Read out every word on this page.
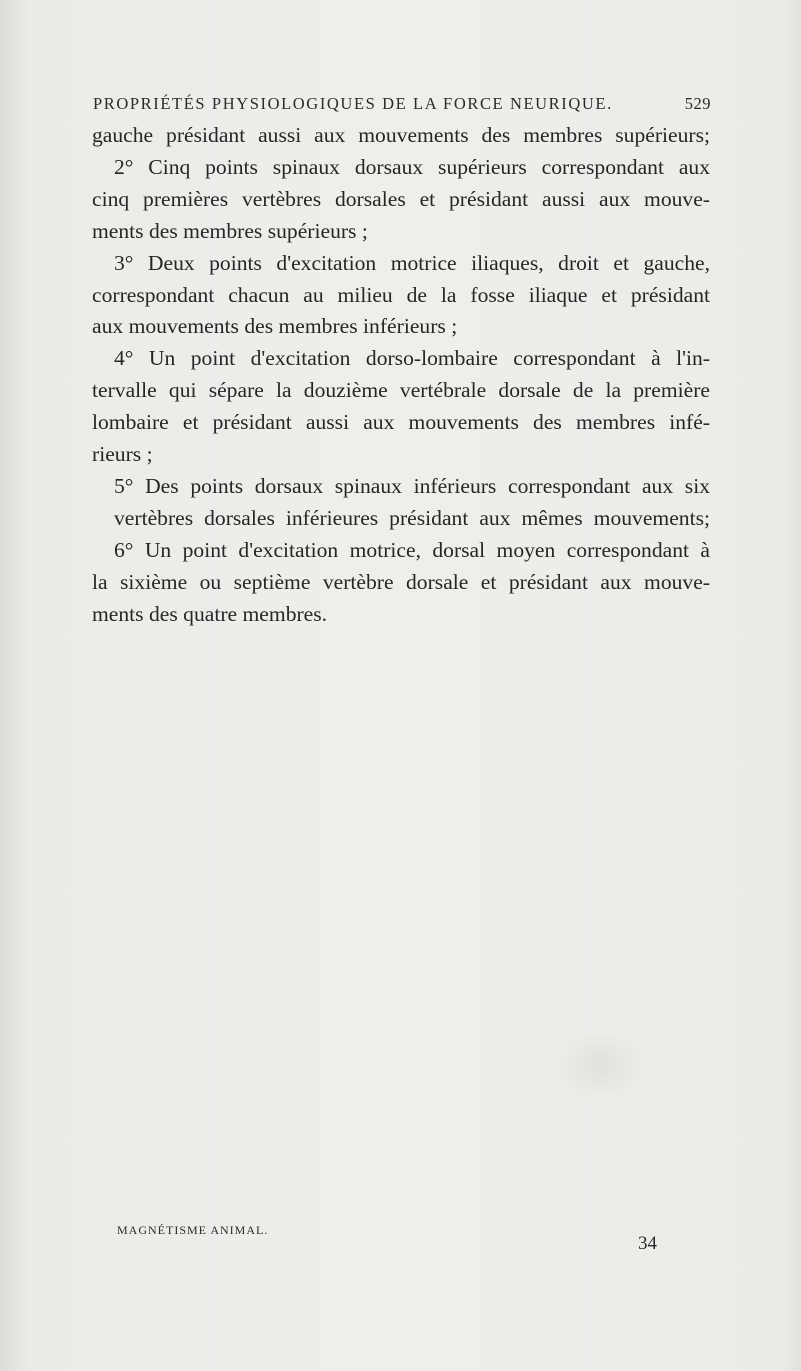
PROPRIÉTÉS PHYSIOLOGIQUES DE LA FORCE NEURIQUE.	529

gauche présidant aussi aux mouvements des membres supérieurs;

2° Cinq points spinaux dorsaux supérieurs correspondant aux

cinq premières vertèbres dorsales et présidant aussi aux mouve-

ments des membres supérieurs ;

3° Deux points d'excitation motrice iliaques, droit et gauche,

correspondant chacun au milieu de la fosse iliaque et présidant

aux mouvements des membres inférieurs ;

4° Un point d'excitation dorso-lombaire correspondant à l'in-

tervalle qui sépare la douzième vertébrale dorsale de la première

lombaire et présidant aussi aux mouvements des membres infé-

rieurs ;

5° Des points dorsaux spinaux inférieurs correspondant aux six

vertèbres dorsales inférieures présidant aux mêmes mouvements;

6° Un point d'excitation motrice, dorsal moyen correspondant à

la sixième ou septième vertèbre dorsale et présidant aux mouve-

ments des quatre membres.

MAGNÉTISME ANIMAL.
34
